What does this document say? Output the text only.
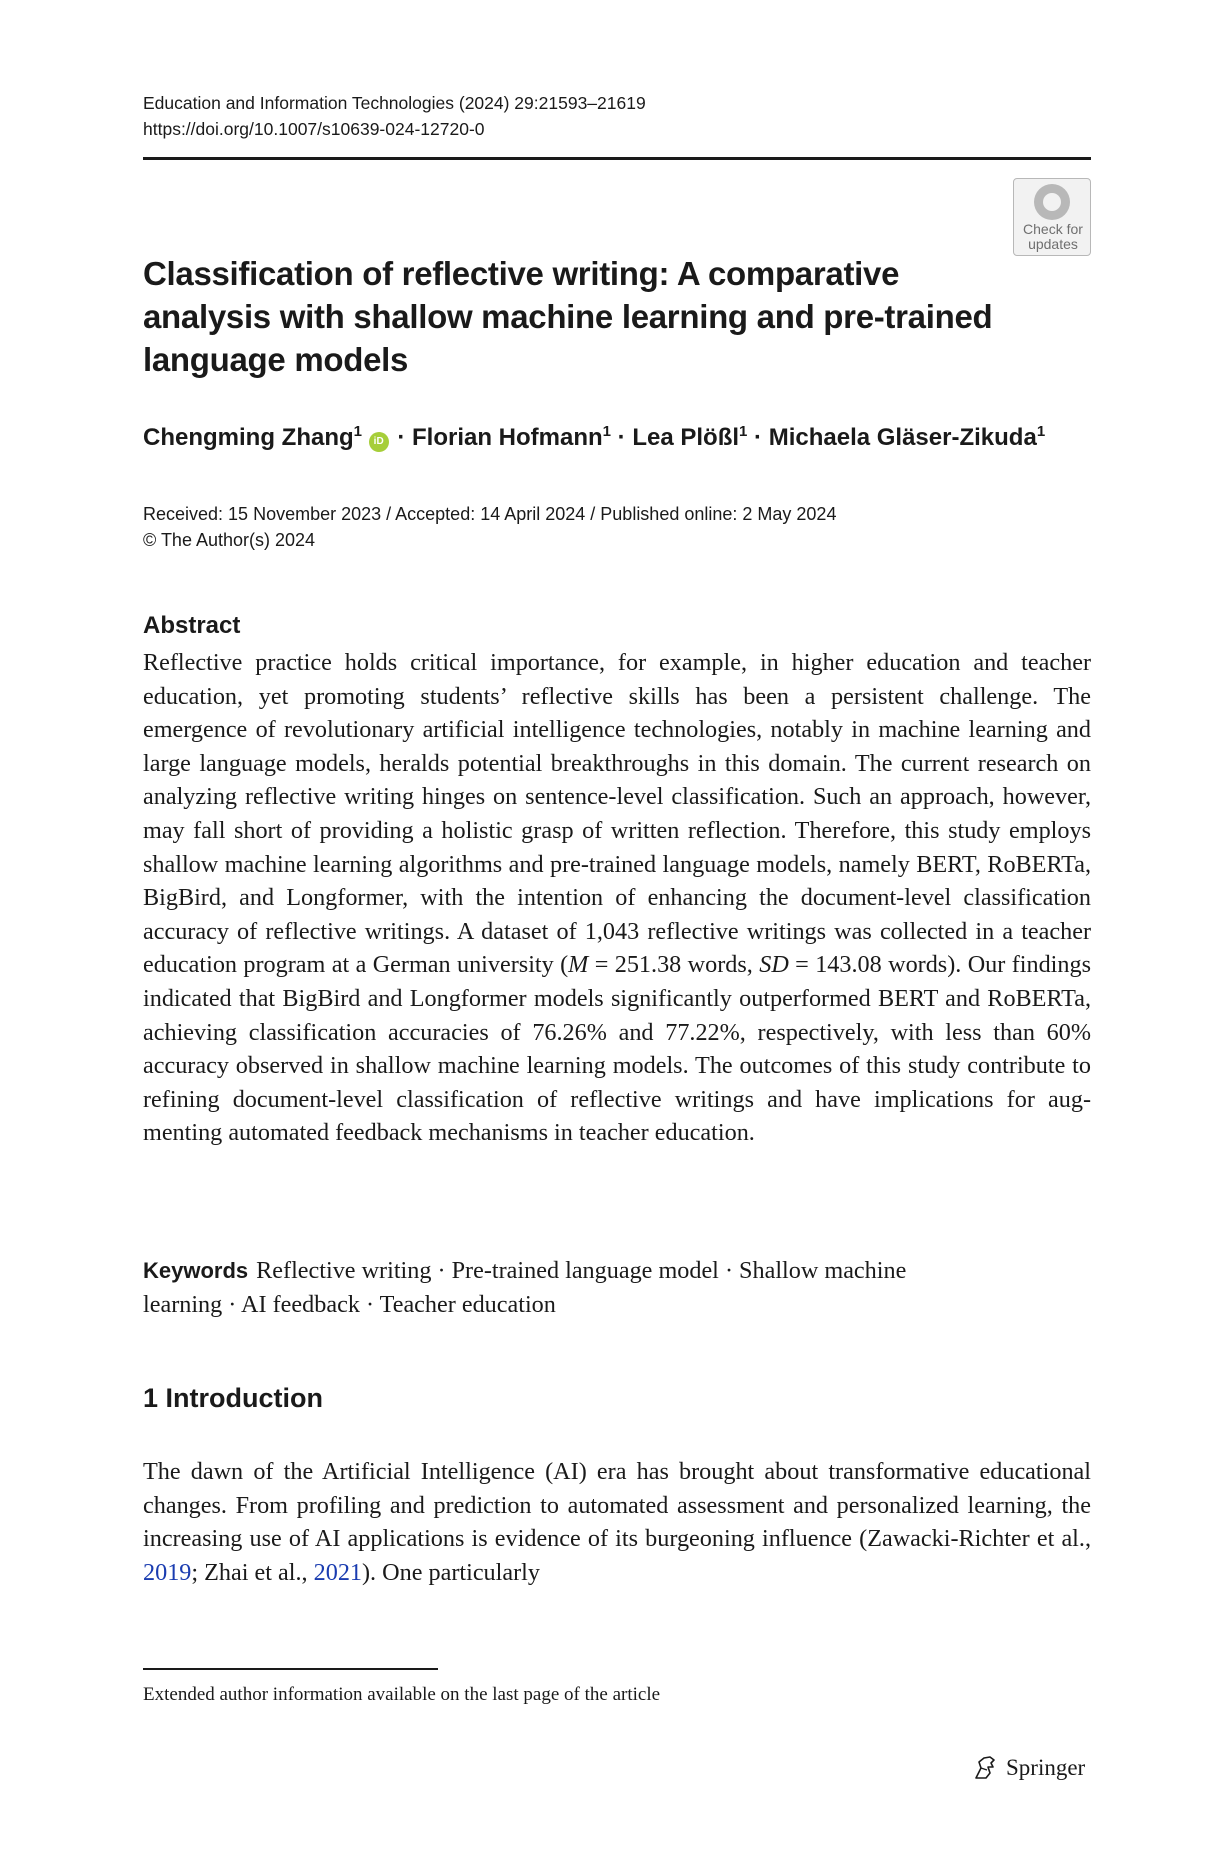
Education and Information Technologies (2024) 29:21593–21619
https://doi.org/10.1007/s10639-024-12720-0
Check for
updates
Classification of reflective writing: A comparative analysis with shallow machine learning and pre-trained language models
Chengming Zhang$^1$ iD · Florian Hofmann$^1$ · Lea Plößl$^1$ · Michaela Gläser-Zikuda$^1$
Received: 15 November 2023 / Accepted: 14 April 2024 / Published online: 2 May 2024
© The Author(s) 2024
Abstract

Reflective practice holds critical importance, for example, in higher education and teacher education, yet promoting students’ reflective skills has been a persistent challenge. The emergence of revolutionary artificial intelligence technologies, notably in machine learning and large language models, heralds potential breakthroughs in this domain. The current research on analyzing reflective writing hinges on sentence-level classification. Such an approach, however, may fall short of providing a holistic grasp of written reflection. Therefore, this study employs shallow machine learning algorithms and pre-trained language models, namely BERT, RoBERTa, BigBird, and Longformer, with the intention of enhancing the document-level classification accuracy of reflective writings. A dataset of 1,043 reflective writings was collected in a teacher education program at a German university (M = 251.38 words, SD = 143.08 words). Our findings indicated that BigBird and Longformer models significantly outperformed BERT and RoBERTa, achieving classification accuracies of 76.26% and 77.22%, respectively, with less than 60% accuracy observed in shallow machine learning models. The outcomes of this study contribute to refining document-level classification of reflective writings and have implications for augmenting automated feedback mechanisms in teacher education.

Keywords Reflective writing · Pre-trained language model · Shallow machine
learning · AI feedback · Teacher education

1 Introduction

The dawn of the Artificial Intelligence (AI) era has brought about transformative educational changes. From profiling and prediction to automated assessment and personalized learning, the increasing use of AI applications is evidence of its burgeoning influence (Zawacki-Richter et al., 2019; Zhai et al., 2021). One particularly

Extended author information available on the last page of the article
Springer
